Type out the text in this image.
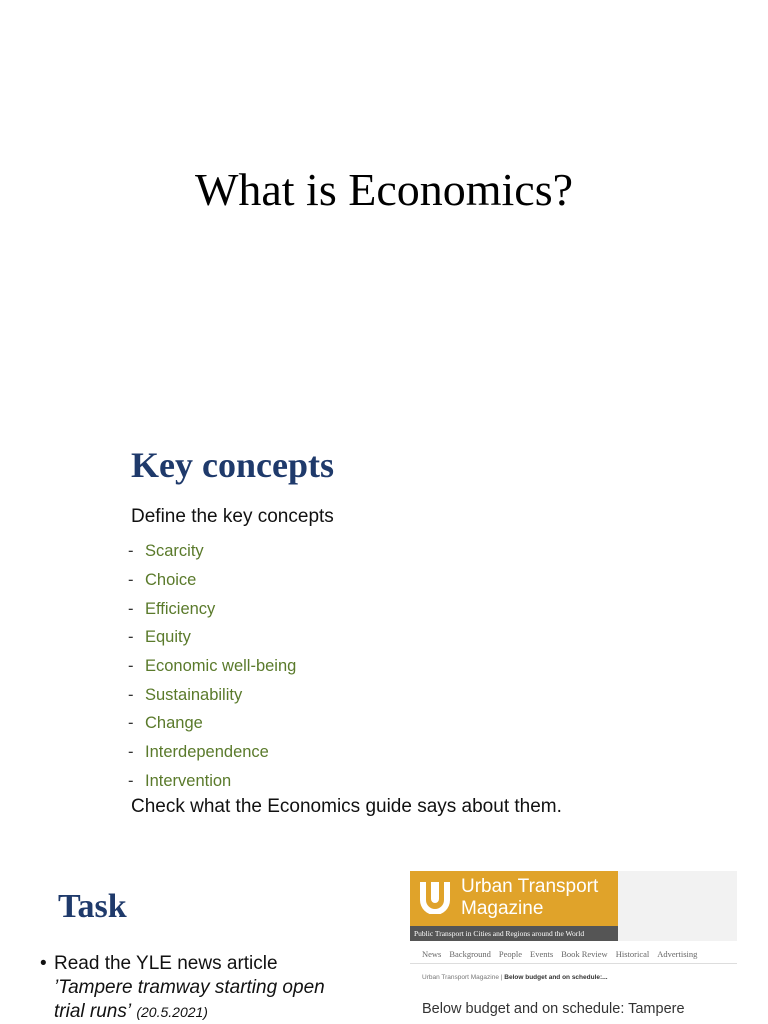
What is Economics?
Key concepts
Define the key concepts
- Scarcity
- Choice
- Efficiency
- Equity
- Economic well-being
- Sustainability
- Change
- Interdependence
- Intervention
Check what the Economics guide says about them.
Task
• Read the YLE news article
’Tampere tramway starting open trial runs’ (20.5.2021)
Urban Transport
Magazine
Public Transport in Cities and Regions around the World
News Background People Events Book Review Historical Advertising
Urban Transport Magazine | Below budget and on schedule:...
Below budget and on schedule: Tampere
